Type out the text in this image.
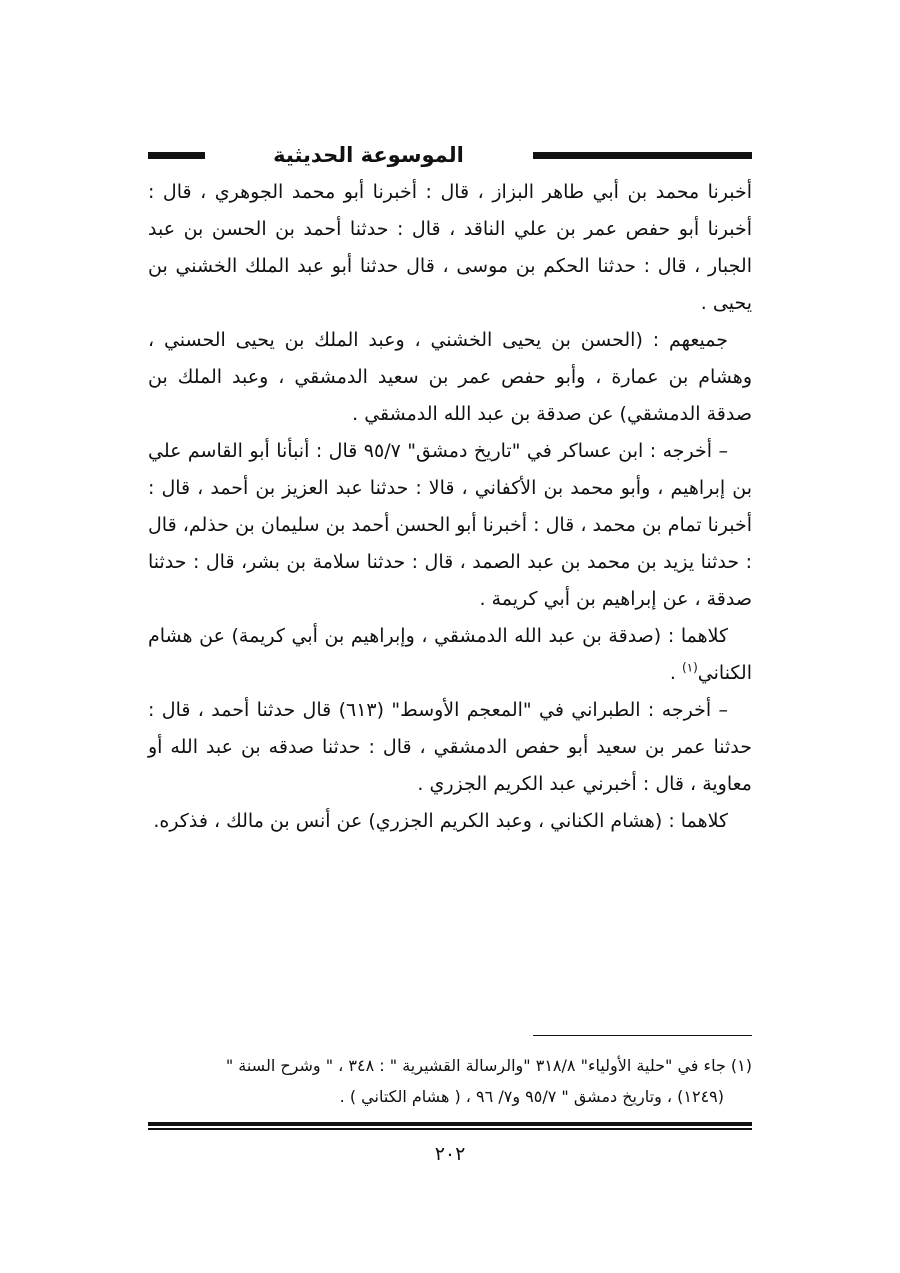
الموسوعة الحديثية

أخبرنا محمد بن أبي طاهر البزاز ، قال : أخبرنا أبو محمد الجوهري ، قال : أخبرنا أبو حفص عمر بن علي الناقد ، قال : حدثنا أحمد بن الحسن بن عبد الجبار ، قال : حدثنا الحكم بن موسى ، قال حدثنا أبو عبد الملك الخشني بن يحيى .

جميعهم : (الحسن بن يحيى الخشني ، وعبد الملك بن يحيى الحسني ، وهشام بن عمارة ، وأبو حفص عمر بن سعيد الدمشقي ، وعبد الملك بن صدقة الدمشقي) عن صدقة بن عبد الله الدمشقي .

– أخرجه : ابن عساكر في "تاريخ دمشق" ٩٥/٧ قال : أنبأنا أبو القاسم علي بن إبراهيم ، وأبو محمد بن الأكفاني ، قالا : حدثنا عبد العزيز بن أحمد ، قال : أخبرنا تمام بن محمد ، قال : أخبرنا أبو الحسن أحمد بن سليمان بن حذلم، قال : حدثنا يزيد بن محمد بن عبد الصمد ، قال : حدثنا سلامة بن بشر، قال : حدثنا صدقة ، عن إبراهيم بن أبي كريمة .

كلاهما : (صدقة بن عبد الله الدمشقي ، وإبراهيم بن أبي كريمة) عن هشام الكناني$^{(١)}$ .

– أخرجه : الطبراني في "المعجم الأوسط" (٦١٣) قال حدثنا أحمد ، قال : حدثنا عمر بن سعيد أبو حفص الدمشقي ، قال : حدثنا صدقه بن عبد الله أو معاوية ، قال : أخبرني عبد الكريم الجزري .

كلاهما : (هشام الكناني ، وعبد الكريم الجزري) عن أنس بن مالك ، فذكره.

(١) جاء في "حلية الأولياء" ٣١٨/٨ "والرسالة القشيرية " : ٣٤٨ ، " وشرح السنة "

(١٢٤٩) ، وتاريخ دمشق " ٩٥/٧ و٧/ ٩٦ ، ( هشام الكتاني ) .

٢٠٢
